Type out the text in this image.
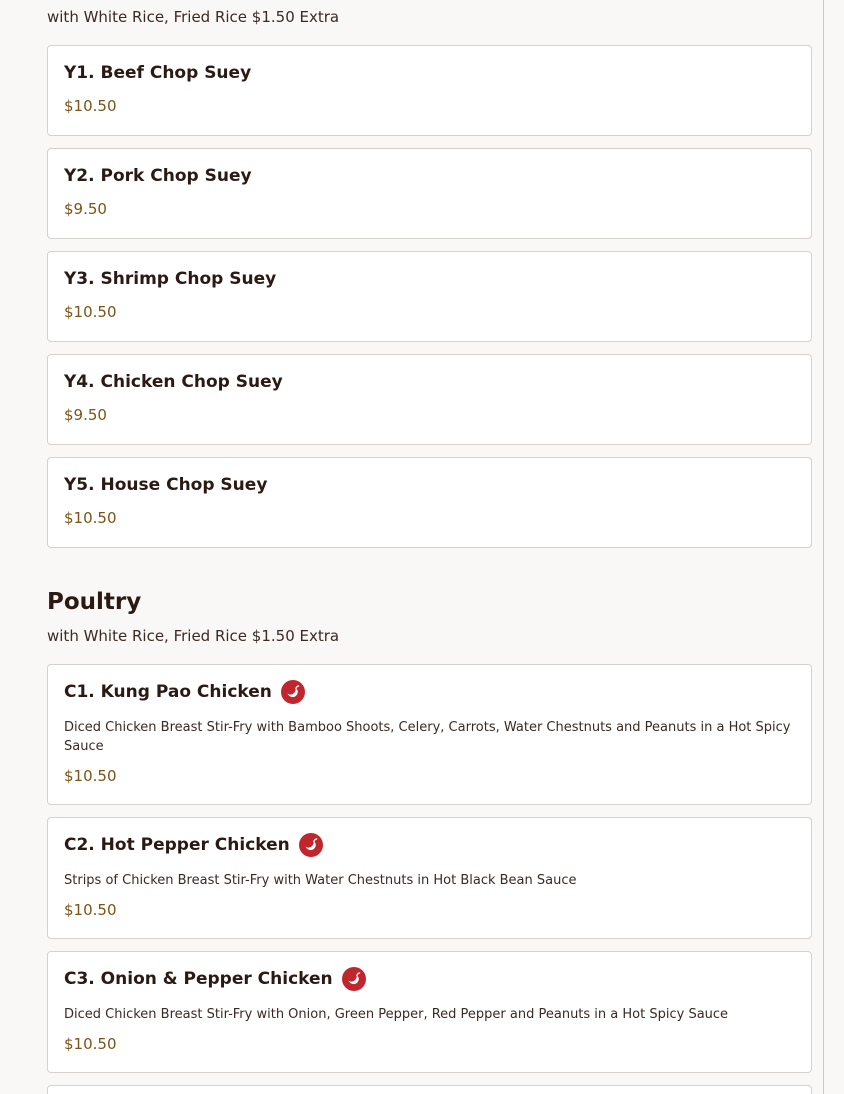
with White Rice, Fried Rice $1.50 Extra
Y1. Beef Chop Suey
$10.50
Y2. Pork Chop Suey
$9.50
Y3. Shrimp Chop Suey
$10.50
Y4. Chicken Chop Suey
$9.50
Y5. House Chop Suey
$10.50
Poultry
with White Rice, Fried Rice $1.50 Extra
C1. Kung Pao Chicken
Diced Chicken Breast Stir-Fry with Bamboo Shoots, Celery, Carrots, Water Chestnuts and Peanuts in a Hot Spicy Sauce
$10.50
C2. Hot Pepper Chicken
Strips of Chicken Breast Stir-Fry with Water Chestnuts in Hot Black Bean Sauce
$10.50
C3. Onion & Pepper Chicken
Diced Chicken Breast Stir-Fry with Onion, Green Pepper, Red Pepper and Peanuts in a Hot Spicy Sauce
$10.50
